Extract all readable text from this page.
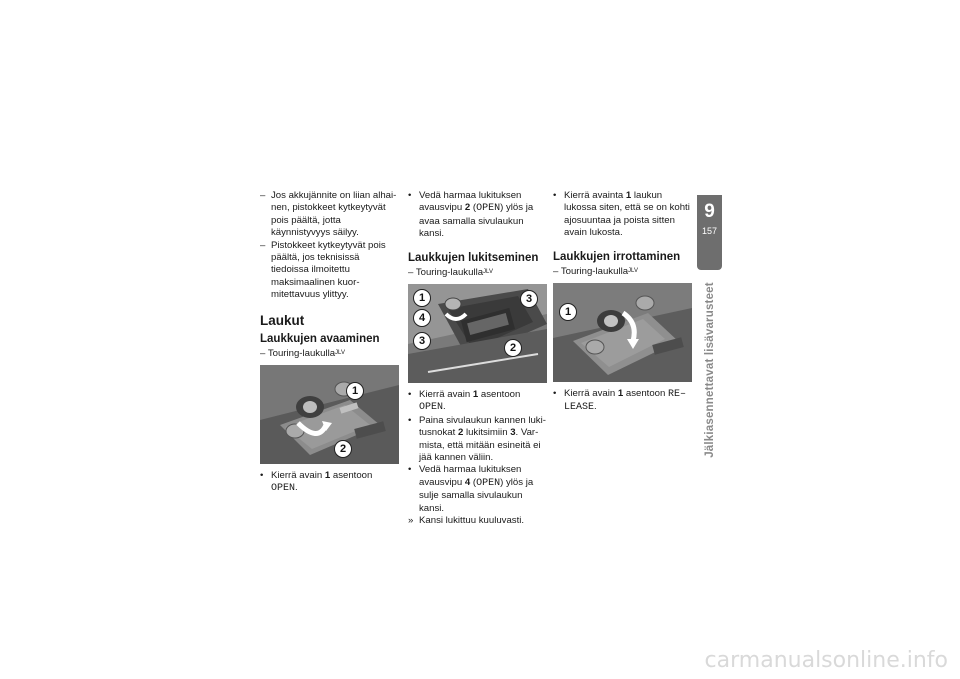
– Jos akkujännite on liian alhainen, pistokkeet kytkeytyvät pois päältä, jotta käynnistyvyys säilyy.

– Pistokkeet kytkeytyvät pois päältä, jos teknisissä tiedoissa ilmoitettu maksimaalinen kuormitettavuus ylittyy.

Laukut
Laukkujen avaaminen

– Touring-laukulla$^{JLV}$

1
2

• Kierrä avain 1 asentoon OPEN.

• Vedä harmaa lukituksen avausvipu 2 (OPEN) ylös ja avaa samalla sivulaukun kansi.

Laukkujen lukitseminen

– Touring-laukulla$^{JLV}$

1
4
3
3
2

• Kierrä avain 1 asentoon OPEN.

• Paina sivulaukun kannen lukitusnokat 2 lukitsimiin 3. Varmista, että mitään esineitä ei jää kannen väliin.

• Vedä harmaa lukituksen avausvipu 4 (OPEN) ylös ja sulje samalla sivulaukun kansi.

» Kansi lukittuu kuuluvasti.

• Kierrä avainta 1 laukun lukossa siten, että se on kohti ajosuuntaa ja poista sitten avain lukosta.

Laukkujen irrottaminen

– Touring-laukulla$^{JLV}$

1

• Kierrä avain 1 asentoon RE–
LEASE.

9
157
Jälkiasennettavat lisävarusteet
carmanualsonline.info
